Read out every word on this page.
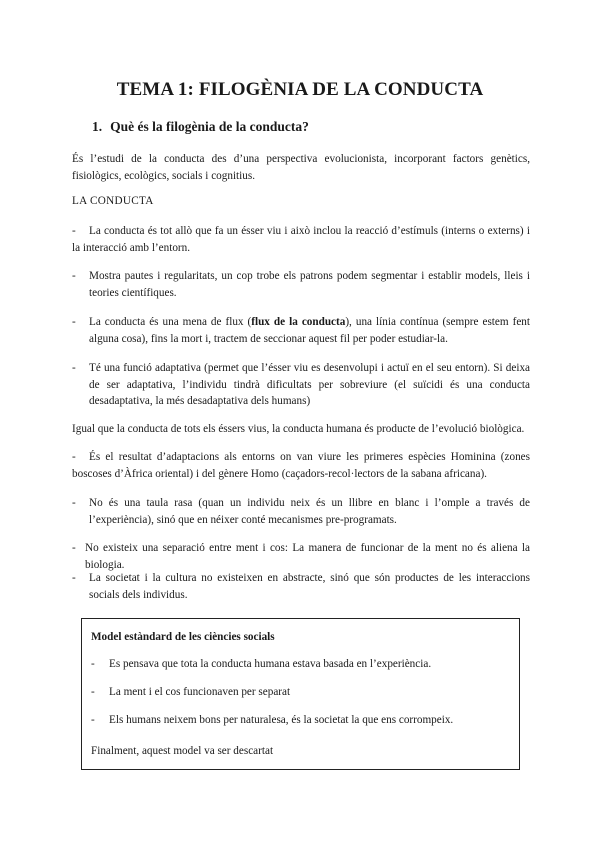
TEMA 1: FILOGÈNIA DE LA CONDUCTA
1. Què és la filogènia de la conducta?
És l’estudi de la conducta des d’una perspectiva evolucionista, incorporant factors genètics, fisiològics, ecològics, socials i cognitius.
LA CONDUCTA
-	La conducta és tot allò que fa un ésser viu i això inclou la reacció d’estímuls (interns o externs) i la interacció amb l’entorn.
- Mostra pautes i regularitats, un cop trobe els patrons podem segmentar i establir models, lleis i teories científiques.
- La conducta és una mena de flux (flux de la conducta), una línia contínua (sempre estem fent alguna cosa), fins la mort i, tractem de seccionar aquest fil per poder estudiar-la.
- Té una funció adaptativa (permet que l’ésser viu es desenvolupi i actuï en el seu entorn). Si deixa de ser adaptativa, l’individu tindrà dificultats per sobreviure (el suïcidi és una conducta desadaptativa, la més desadaptativa dels humans)
Igual que la conducta de tots els éssers vius, la conducta humana és producte de l’evolució biològica.
-	És el resultat d’adaptacions als entorns on van viure les primeres espècies Hominina (zones boscoses d’Àfrica oriental) i del gènere Homo (caçadors-recol·lectors de la sabana africana).
- No és una taula rasa (quan un individu neix és un llibre en blanc i l’omple a través de l’experiència), sinó que en néixer conté mecanismes pre-programats.
- No existeix una separació entre ment i cos: La manera de funcionar de la ment no és aliena la biologia.
- La societat i la cultura no existeixen en abstracte, sinó que són productes de les interaccions socials dels individus.
Model estàndard de les ciències socials
- Es pensava que tota la conducta humana estava basada en l’experiència.
- La ment i el cos funcionaven per separat
- Els humans neixem bons per naturalesa, és la societat la que ens corrompeix.
Finalment, aquest model va ser descartat
